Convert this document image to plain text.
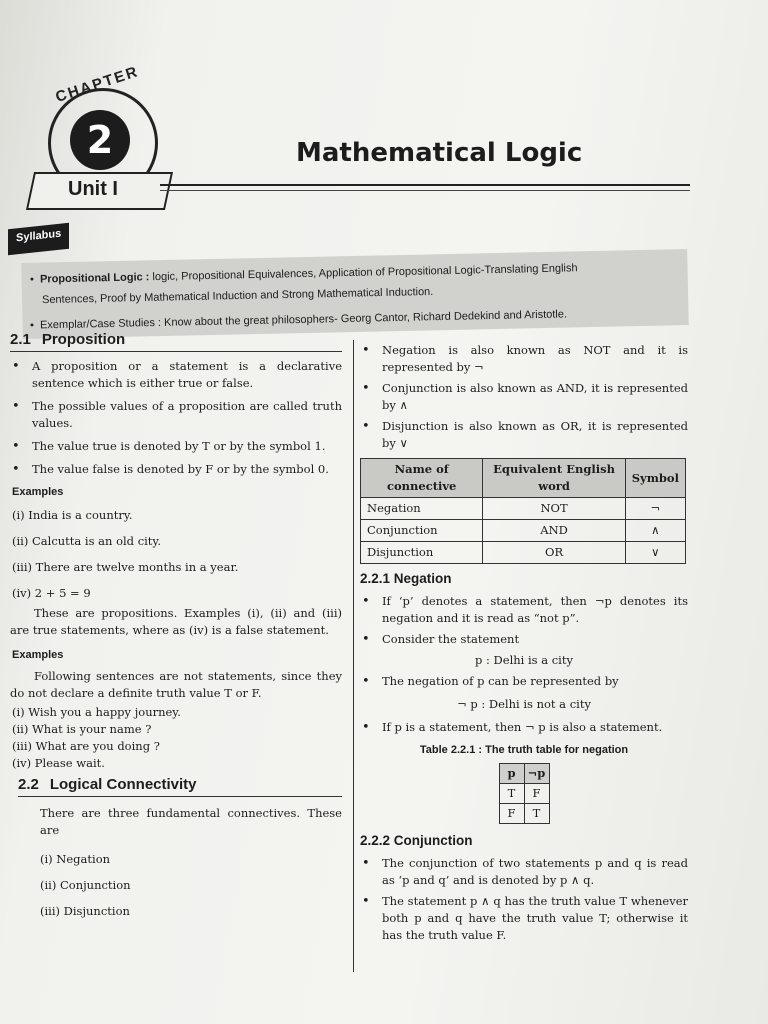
2
CHAPTER
Unit I
Mathematical Logic
Syllabus
•  Propositional Logic : logic, Propositional Equivalences, Application of Propositional Logic-Translating English
Sentences, Proof by Mathematical Induction and Strong Mathematical Induction.
•  Exemplar/Case Studies : Know about the great philosophers- Georg Cantor, Richard Dedekind and Aristotle.
2.1 Proposition
• A proposition or a statement is a declarative sentence which is either true or false.
• The possible values of a proposition are called truth values.
• The value true is denoted by T or by the symbol 1.
• The value false is denoted by F or by the symbol 0.
Examples
(i) India is a country.
(ii) Calcutta is an old city.
(iii) There are twelve months in a year.
(iv) 2 + 5 = 9
These are propositions. Examples (i), (ii) and (iii) are true statements, where as (iv) is a false statement.
Examples
Following sentences are not statements, since they do not declare a definite truth value T or F.
(i) Wish you a happy journey.
(ii) What is your name ?
(iii) What are you doing ?
(iv) Please wait.
2.2 Logical Connectivity
There are three fundamental connectives. These are
(i) Negation
(ii) Conjunction
(iii) Disjunction
• Negation is also known as NOT and it is represented by ¬
• Conjunction is also known as AND, it is represented by ∧
• Disjunction is also known as OR, it is represented by ∨
Name of connective	Equivalent English word	Symbol
Negation	NOT	¬
Conjunction	AND	∧
Disjunction	OR	∨
2.2.1 Negation
• If ‘p’ denotes a statement, then ¬p denotes its negation and it is read as “not p”.
• Consider the statement
p : Delhi is a city
• The negation of p can be represented by
¬ p : Delhi is not a city
• If p is a statement, then ¬ p is also a statement.
Table 2.2.1 : The truth table for negation
p	¬p
T	F
F	T
2.2.2 Conjunction
• The conjunction of two statements p and q is read as ‘p and q’ and is denoted by p ∧ q.
• The statement p ∧ q has the truth value T whenever both p and q have the truth value T; otherwise it has the truth value F.
